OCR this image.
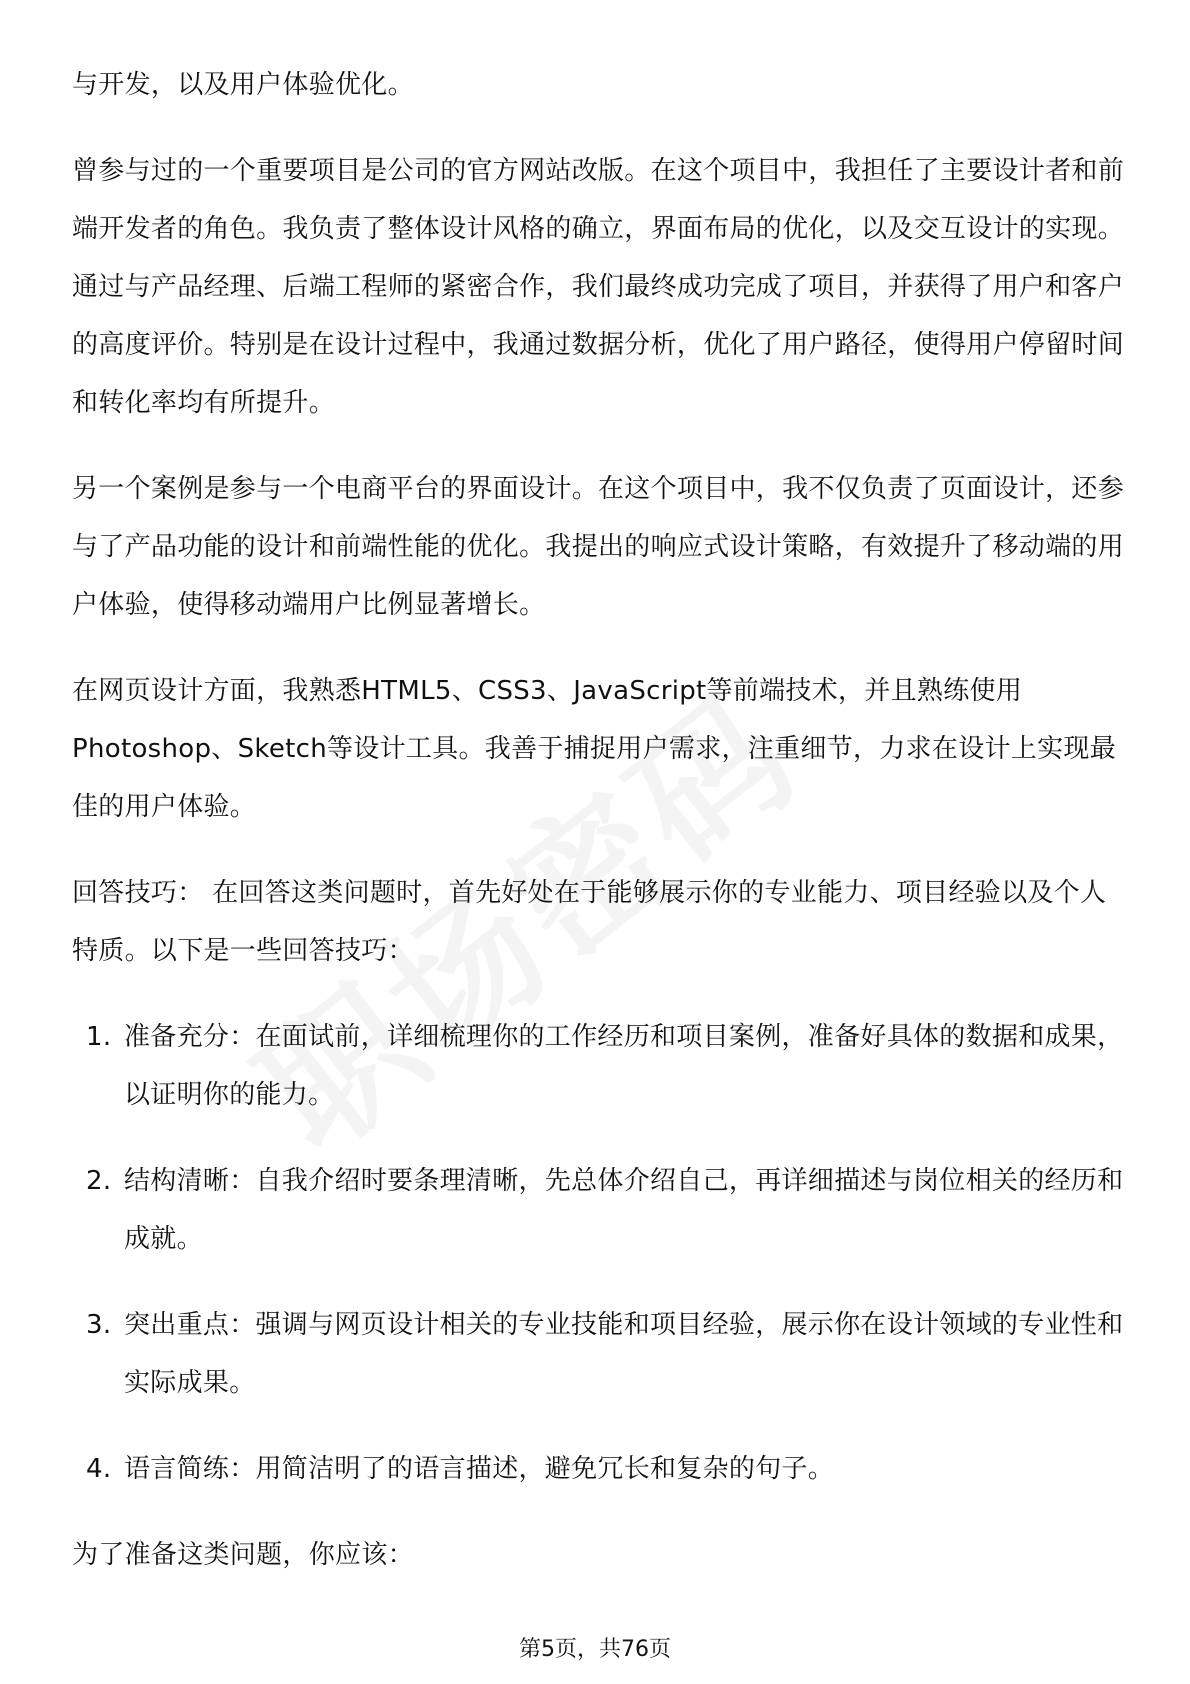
与开发，以及用户体验优化。

曾参与过的一个重要项目是公司的官方网站改版。在这个项目中，我担任了主要设计者和前端开发者的角色。我负责了整体设计风格的确立，界面布局的优化，以及交互设计的实现。通过与产品经理、后端工程师的紧密合作，我们最终成功完成了项目，并获得了用户和客户的高度评价。特别是在设计过程中，我通过数据分析，优化了用户路径，使得用户停留时间和转化率均有所提升。

另一个案例是参与一个电商平台的界面设计。在这个项目中，我不仅负责了页面设计，还参与了产品功能的设计和前端性能的优化。我提出的响应式设计策略，有效提升了移动端的用户体验，使得移动端用户比例显著增长。

在网页设计方面，我熟悉HTML5、CSS3、JavaScript等前端技术，并且熟练使用Photoshop、Sketch等设计工具。我善于捕捉用户需求，注重细节，力求在设计上实现最佳的用户体验。

回答技巧： 在回答这类问题时，首先好处在于能够展示你的专业能力、项目经验以及个人特质。以下是一些回答技巧：

1. 准备充分：在面试前，详细梳理你的工作经历和项目案例，准备好具体的数据和成果，以证明你的能力。
2. 结构清晰：自我介绍时要条理清晰，先总体介绍自己，再详细描述与岗位相关的经历和成就。
3. 突出重点：强调与网页设计相关的专业技能和项目经验，展示你在设计领域的专业性和实际成果。
4. 语言简练：用简洁明了的语言描述，避免冗长和复杂的句子。

为了准备这类问题，你应该：

第5页，共76页
